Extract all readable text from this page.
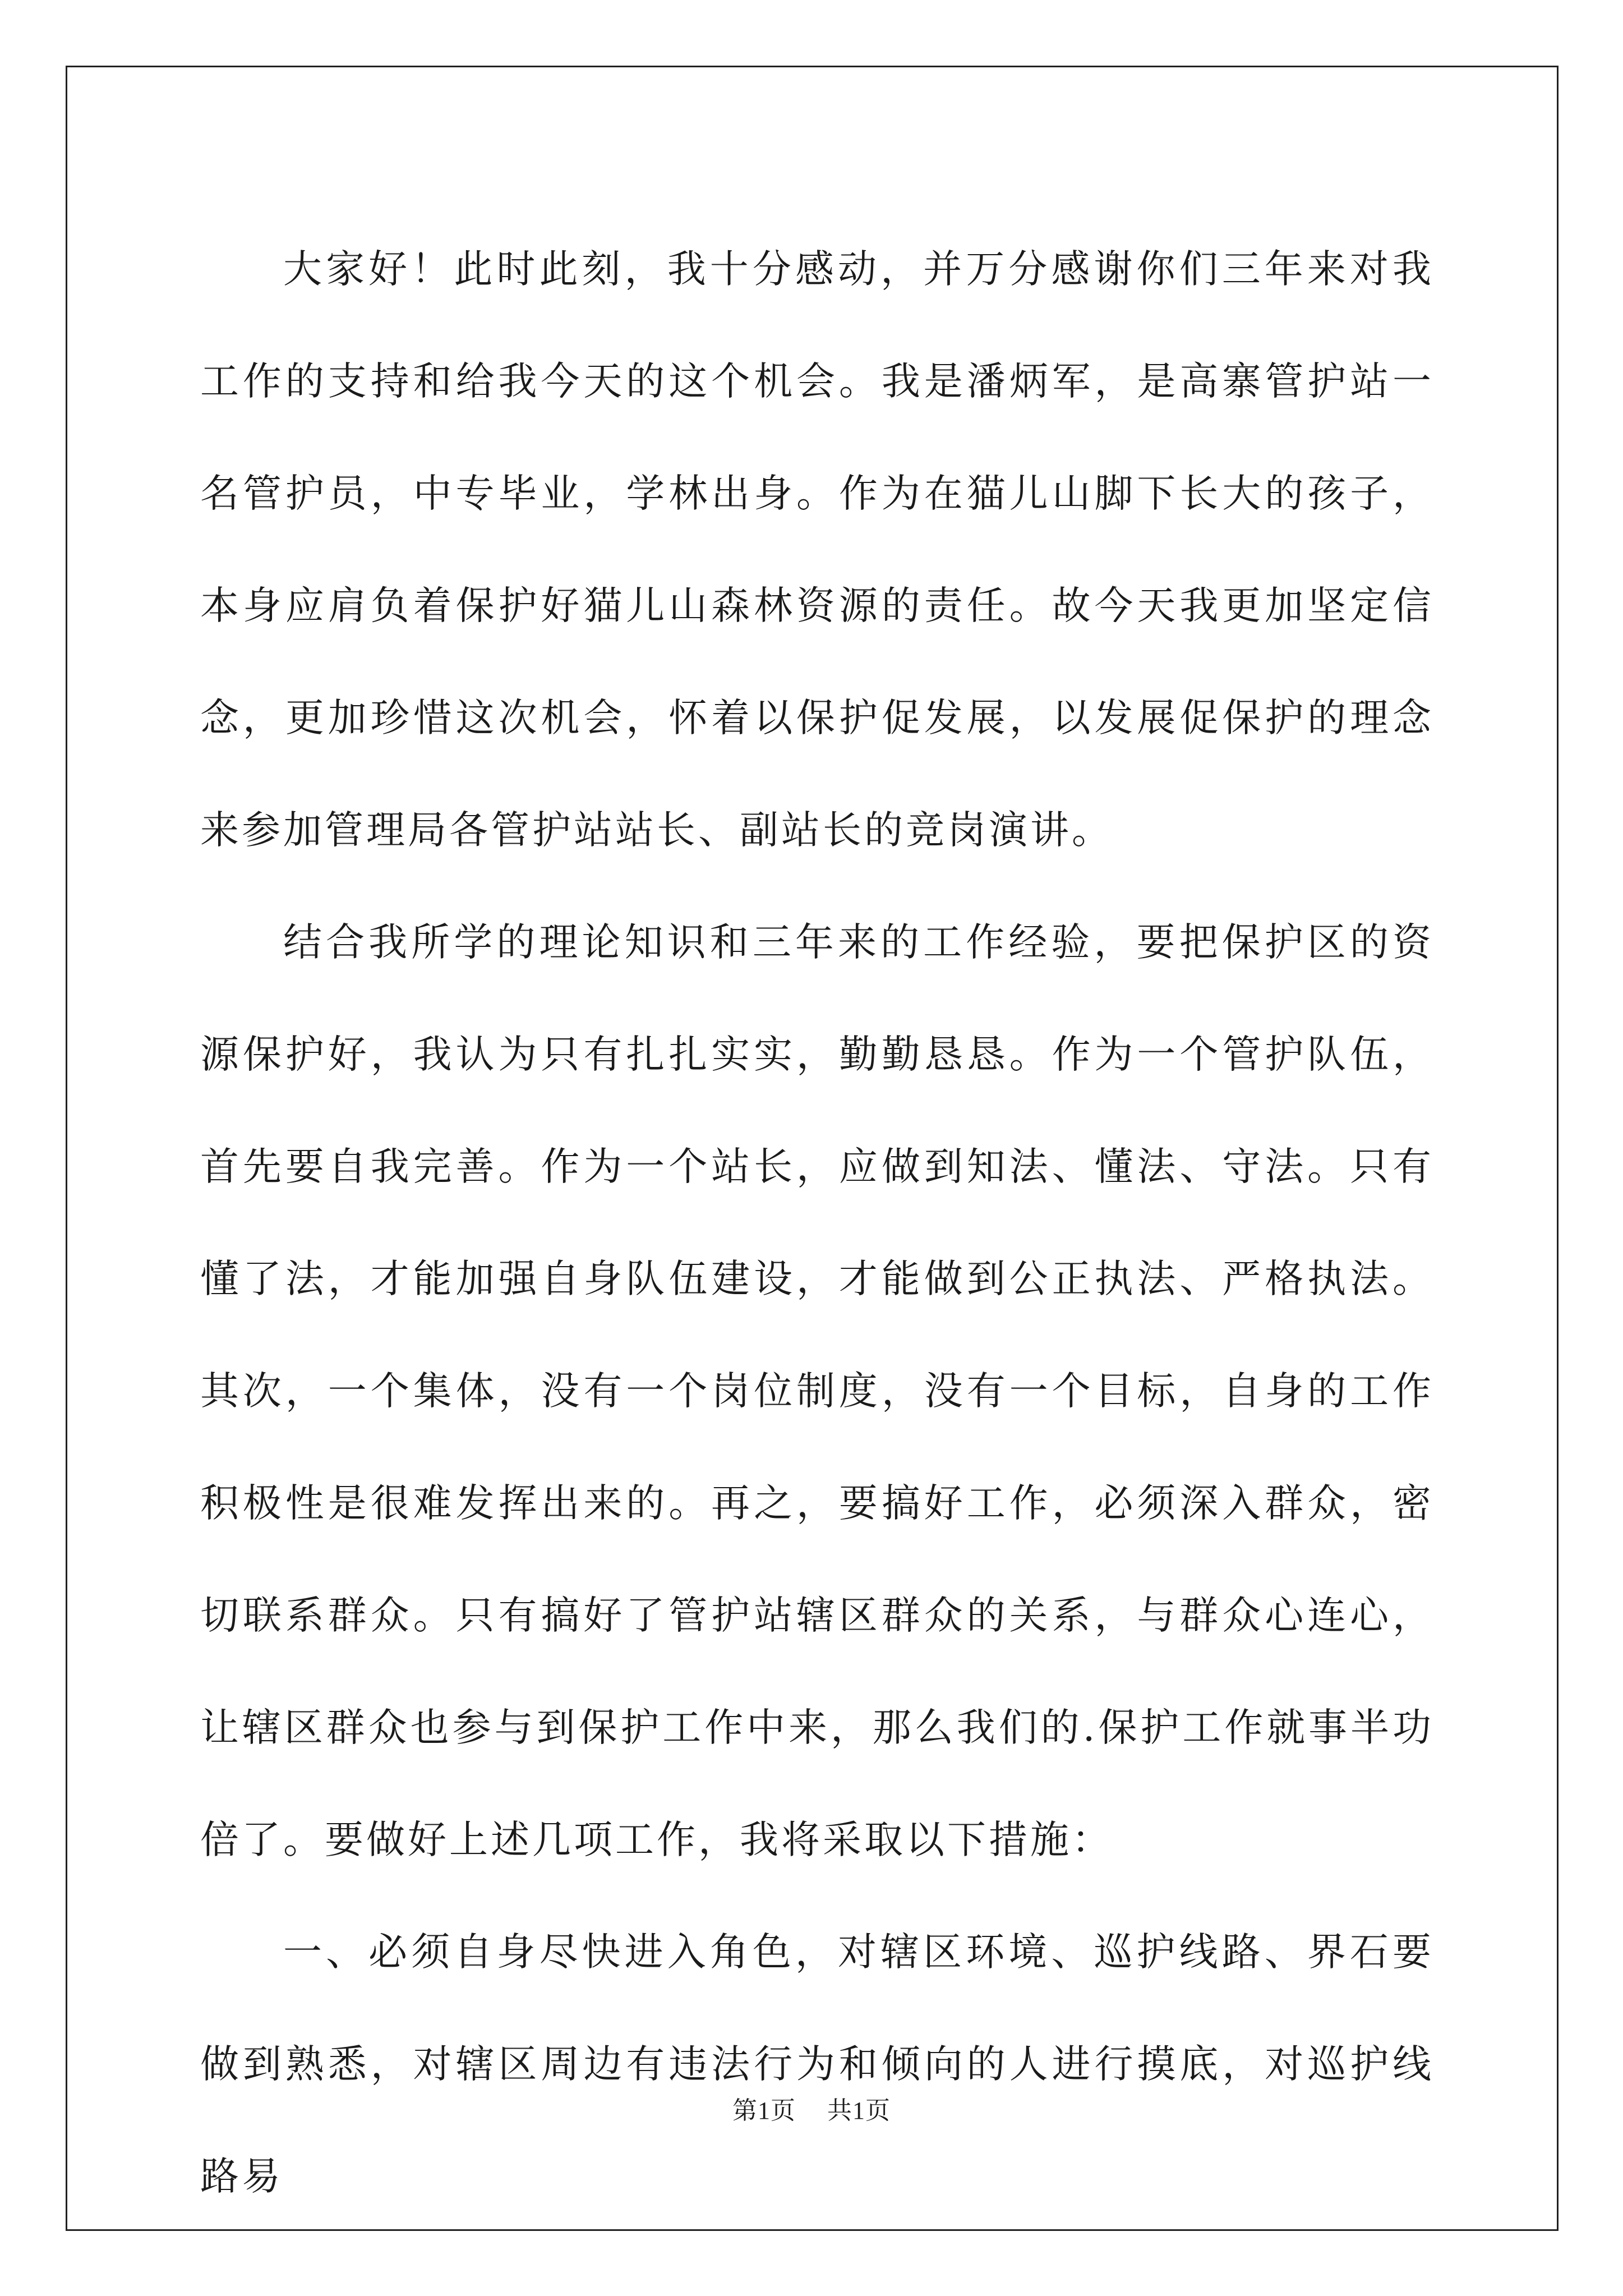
大家好！此时此刻，我十分感动，并万分感谢你们三年来对我工作的支持和给我今天的这个机会。我是潘炳军，是高寨管护站一名管护员，中专毕业，学林出身。作为在猫儿山脚下长大的孩子，本身应肩负着保护好猫儿山森林资源的责任。故今天我更加坚定信念，更加珍惜这次机会，怀着以保护促发展，以发展促保护的理念来参加管理局各管护站站长、副站长的竞岗演讲。

结合我所学的理论知识和三年来的工作经验，要把保护区的资源保护好，我认为只有扎扎实实，勤勤恳恳。作为一个管护队伍，首先要自我完善。作为一个站长，应做到知法、懂法、守法。只有懂了法，才能加强自身队伍建设，才能做到公正执法、严格执法。其次，一个集体，没有一个岗位制度，没有一个目标，自身的工作积极性是很难发挥出来的。再之，要搞好工作，必须深入群众，密切联系群众。只有搞好了管护站辖区群众的关系，与群众心连心，让辖区群众也参与到保护工作中来，那么我们的.保护工作就事半功倍了。要做好上述几项工作，我将采取以下措施：

一、必须自身尽快进入角色，对辖区环境、巡护线路、界石要做到熟悉，对辖区周边有违法行为和倾向的人进行摸底，对巡护线路易

第1页 共1页
